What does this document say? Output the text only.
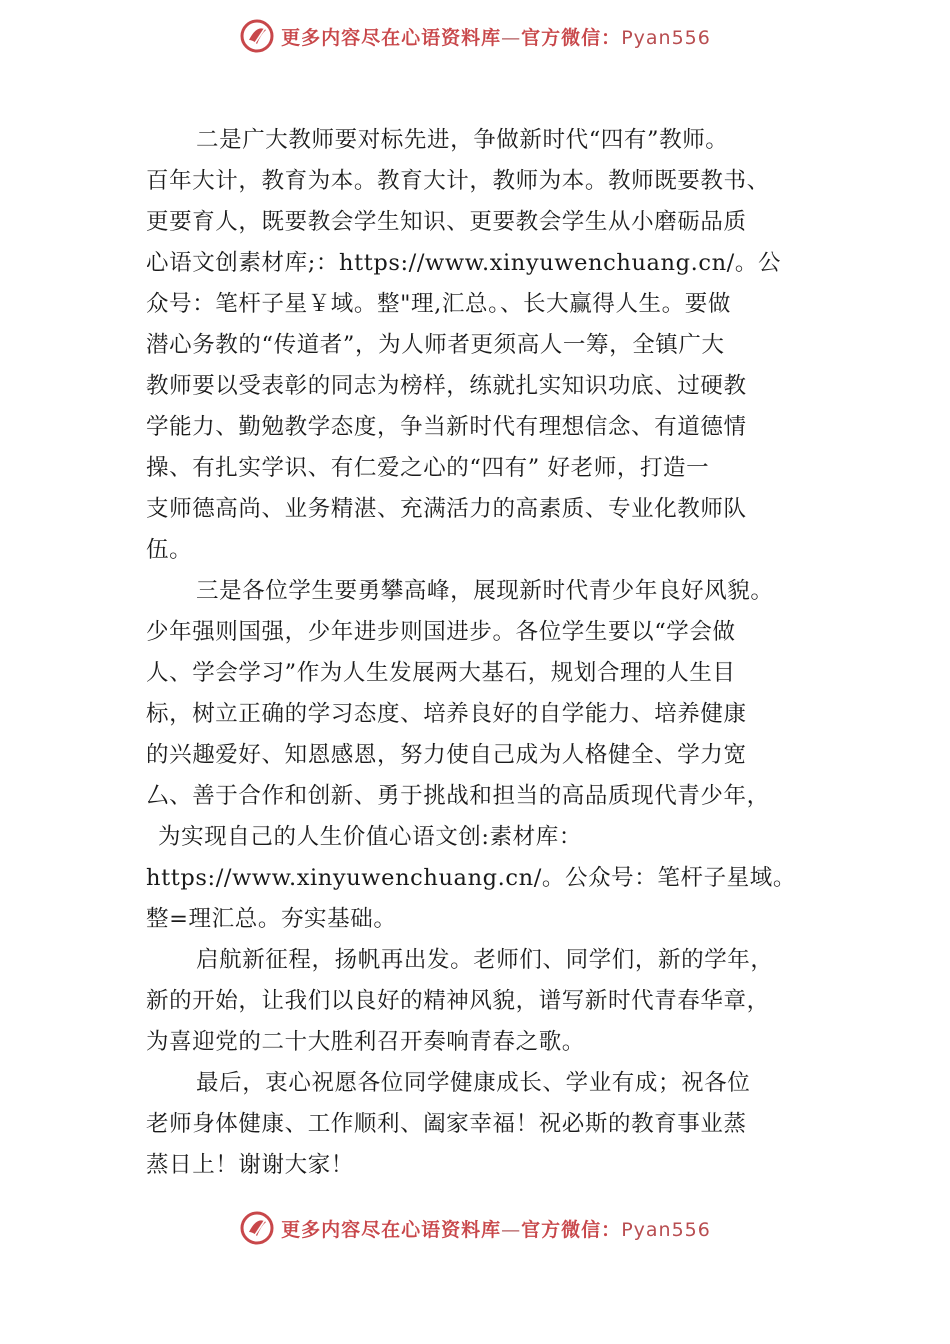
更多内容尽在心语资料库—官方微信：Pyan556
二是广大教师要对标先进，争做新时代“四有”教师。
百年大计，教育为本。教育大计，教师为本。教师既要教书、
更要育人，既要教会学生知识、更要教会学生从小磨砺品质
心语文创素材库;：https://www.xinyuwenchuang.cn/。公
众号：笔杆子星￥域。整"理,汇总。、长大赢得人生。要做
潜心务教的“传道者”，为人师者更须高人一筹，全镇广大
教师要以受表彰的同志为榜样，练就扎实知识功底、过硬教
学能力、勤勉教学态度，争当新时代有理想信念、有道德情
操、有扎实学识、有仁爱之心的“四有” 好老师，打造一
支师德高尚、业务精湛、充满活力的高素质、专业化教师队
伍。
三是各位学生要勇攀高峰，展现新时代青少年良好风貌。
少年强则国强，少年进步则国进步。各位学生要以“学会做
人、学会学习”作为人生发展两大基石，规划合理的人生目
标，树立正确的学习态度、培养良好的自学能力、培养健康
的兴趣爱好、知恩感恩，努力使自己成为人格健全、学力宽
厶、善于合作和创新、勇于挑战和担当的高品质现代青少年，
为实现自己的人生价值心语文创:素材库：
https://www.xinyuwenchuang.cn/。公众号：笔杆子星域。
整=理汇总。夯实基础。
启航新征程，扬帆再出发。老师们、同学们，新的学年，
新的开始，让我们以良好的精神风貌，谱写新时代青春华章，
为喜迎党的二十大胜利召开奏响青春之歌。
最后，衷心祝愿各位同学健康成长、学业有成；祝各位
老师身体健康、工作顺利、阖家幸福！祝必斯的教育事业蒸
蒸日上！谢谢大家！
更多内容尽在心语资料库—官方微信：Pyan556
